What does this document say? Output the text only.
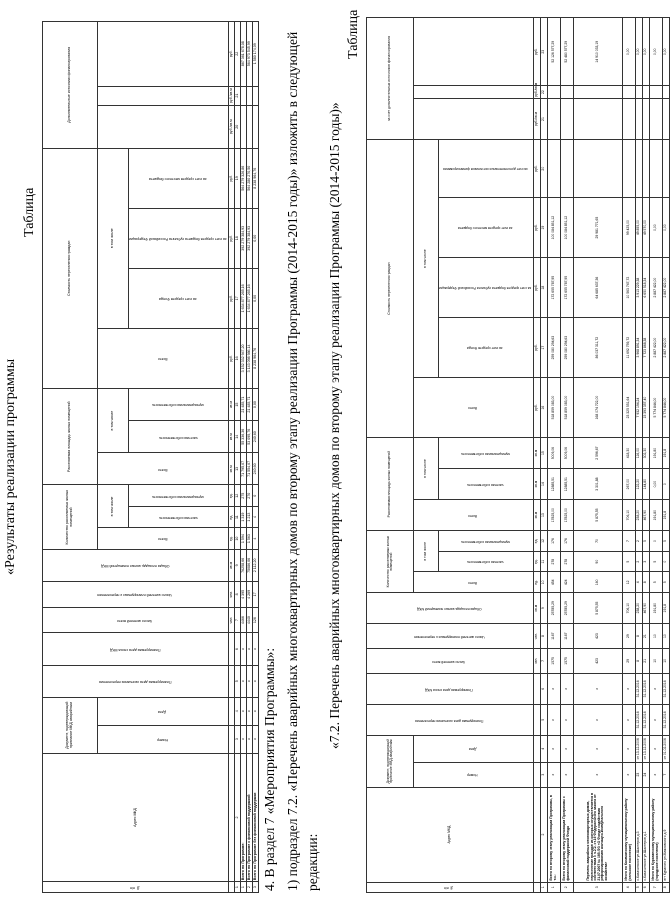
«Результаты реализации программы
Таблица
№ п/п	Адрес МКД	Документ, подтверждающий признание МКД аварийным		Планируемая дата окончания переселения	Планируемая дата сноса МКД	Число жителей всего	Число жителей планируемых к переселению	Общая площадь жилых помещений МКД	Количество расселяемых жилых помещений			Расселяемая площадь жилых помещений			Стоимость переселения граждан				Дополнительные источники финансирования		
		Номер	Дата						Всего	в том числе		Всего	в том числе		Всего	в том числе					
										частная собственность	муниципальная собственность		частная собственность	муниципальная собственность		за счет средств Фонда	за счет средств бюджета субъекта Российской Федерации	за счет средств местного бюджета			
						чел.	чел.	кв.м	ед.	ед.	ед.	кв.м	кв.м	кв.м	руб.	руб.	руб.	руб.	руб./кв.м	руб./кв.м	руб.
1	2	3	4	5	6	7	8	9	10	11	12	13	14	15	16	17	18	19	20	21	22
1	Всего по Программе:	х	х	х	х	4466	4 395	76258,66	1 594	1 319	275	71 795,07	55 336,36	21 485,71	3 152 332 947,20	1 634 877 265,16	392 279 384,93	564 279 326,86			867 361 678,08
2	Всего по Программе с финансовой поддержкой	х	х	х	х	4440	4 269	75086,06	1 563	1 213	270	71 554,07	53 095,76	21 485,71	3 143 098 986,14	1 634 877 265,16	392 279 384,93	564 280 270,50			564 973 545,99
3	Всего по Программе без финансовой поддержки	х	х	х	х	126	17	2 112,20	4	4	0	240,60	240,60	0,00	8 238 964,76	0,00	0,00	8 238 964,76			1 580 174,09
4. В раздел 7 «Мероприятия Программы»: 1) подраздел 7.2. «Перечень аварийных многоквартирных домов по второму этапу реализации Программы (2014-2015 годы)» изложить в следующей редакции:
«7.2. Перечень аварийных многоквартирных домов по второму этапу реализации Программы (2014-2015 годы)»
Таблица
№ п/п	Адрес МКД	Документ, подтверждающий признание МКД аварийным		Планируемая дата окончания переселения	Планируемая дата сноса МКД	Число жителей всего	Число жителей планируемых к переселению	Общая площадь жилых помещений МКД	Количество расселяемых жилых помещений			Расселяемая площадь жилых помещений			Стоимость переселения граждан					за счет дополнительных источников финансирования		
		Номер	Дата						Всего	в том числе		Всего	в том числе		Всего	в том числе						
										частная собственность	муниципальная собственность		частная собственность	муниципальная собственность		за счет средств Фонда	за счет средств бюджета субъекта Российской Федерации	за счет средств местного бюджета	за счет дополнительных источников финансирования			
						чел.	чел.	кв.м	ед.	ед.	ед.	кв.м	кв.м	кв.м	руб.	руб.	руб.	руб.	руб.	руб./кв.м	руб./кв.м	руб.
1	2	3	4	5	6	7	8	9	10	11	12	13	14	15	16	17	18	19	20	21	22	23
1	Всего по второму этапу реализации Программы, в т.ч.:	х	х	х	х	1575	1167	25785,29	454	278	176	17825,00	12885,51	5009,06	518 859 083,00	259 080 294,63	172 655 787,95	100 084 851,12				52 126 577,29
2	Всего по второму этапу реализации Программы с финансовой поддержкой Фонда	х	х	х	х	1575	1167	25785,29	424	278	176	17825,00	12885,51	5009,06	518 859 083,00	259 080 294,63	172 655 787,95	100 084 851,12				52 480 577,29
3	Перечень аварийных многоквартирных домов, переселение граждан из которых осуществляется в соответствии с ч.2.2. ст.16 Федерального закона от 21.07.2007 № 185-ФЗ «О Фонде содействия реформированию жилищно-коммунального хозяйства»	х	х	х	х	423	423	5 875,55	160	90	70	5 875,55	3 301,88	2 596,67	168 074 722,00	86 037 311,72	64 685 637,36	29 981 771,65				14 910 033,19
4	Итого по Казачинскому муниципальному району (сельское поселение)	х	х	х	х	29	29	706,10	12	5	7	706,10	267,00	418,30	23 325 551,64	11 692 759,72	10 563 747,72	99 425,00				0,00
5	с.Казачинское ул.Шахтеров д.3	23	от 13.12.2006	31.12.2016	31.12.2016	8	8	238,20	4	2	2	238,20	122,20	116,00	7 932 194,24	3 968 891,34	3 913 229,38	49 855,00				0,00
6	с.Казачинское ул.Шахтеров д.1	24	от 13.12.2006	31.12.2016	31.12.2016	21	21	467,90	8	3	5	467,90	144,80	302,30	15 393 357,40	7 723 868,38	6 650 518,34	49 570,00				0,00
7	Итого по Курагинскому муниципальному району (городское поселение)	х	х	х	х	10	10	191,80	5	5	0	191,80	0,00	191,80	5 774 844,00	2 887 422,00	2 887 422,00	0,00				0,00
8	пгт Курагино ул.Маяковского д.9	7	от 01.02.2006	31.12.2016	31.12.2016	10	10	191,8	5	0	5	191,8	0	191,8	5 774 844,00	2 887 422,00	2 887 422,00	0,00				0,00
